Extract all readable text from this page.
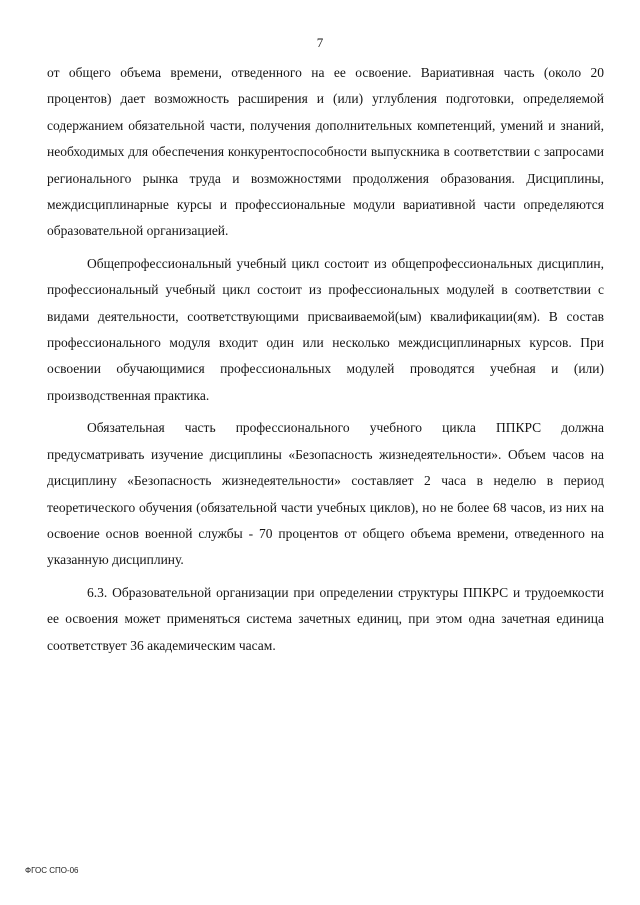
7

от общего объема времени, отведенного на ее освоение. Вариативная часть (около 20 процентов) дает возможность расширения и (или) углубления подготовки, определяемой содержанием обязательной части, получения дополнительных компетенций, умений и знаний, необходимых для обеспечения конкурентоспособности выпускника в соответствии с запросами регионального рынка труда и возможностями продолжения образования. Дисциплины, междисциплинарные курсы и профессиональные модули вариативной части определяются образовательной организацией.

Общепрофессиональный учебный цикл состоит из общепрофессиональных дисциплин, профессиональный учебный цикл состоит из профессиональных модулей в соответствии с видами деятельности, соответствующими присваиваемой(ым) квалификации(ям). В состав профессионального модуля входит один или несколько междисциплинарных курсов. При освоении обучающимися профессиональных модулей проводятся учебная и (или) производственная практика.

Обязательная часть профессионального учебного цикла ППКРС должна предусматривать изучение дисциплины «Безопасность жизнедеятельности». Объем часов на дисциплину «Безопасность жизнедеятельности» составляет 2 часа в неделю в период теоретического обучения (обязательной части учебных циклов), но не более 68 часов, из них на освоение основ военной службы - 70 процентов от общего объема времени, отведенного на указанную дисциплину.

6.3. Образовательной организации при определении структуры ППКРС и трудоемкости ее освоения может применяться система зачетных единиц, при этом одна зачетная единица соответствует 36 академическим часам.

ФГОС СПО-06
